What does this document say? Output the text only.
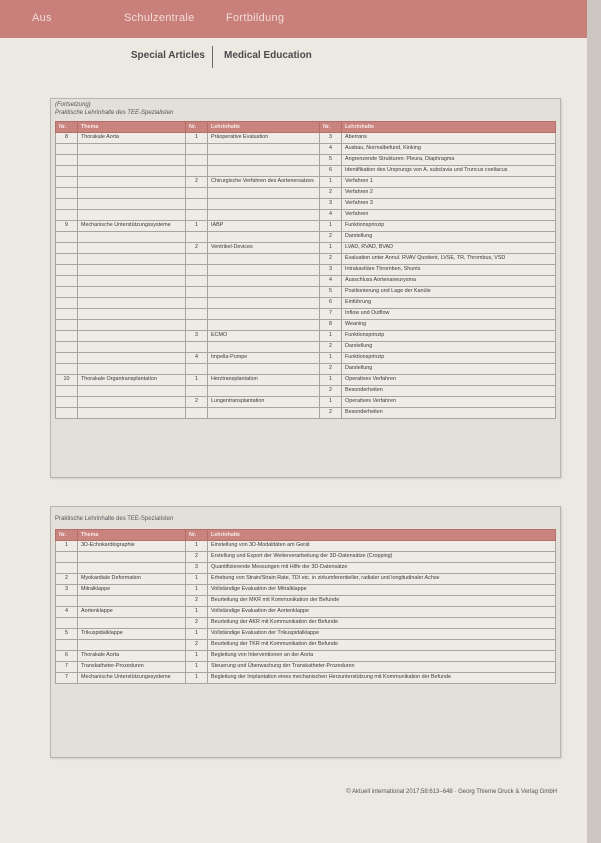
Aus	Schulzentrale	Fortbildung
Special Articles Medical Education
(Fortsetzung)
Praktische Lehrinhalte des TEE-Spezialisten
Nr.	Thema	Nr.	Lehrinhalte	Nr.	Lehrinhalte
8	Thorakale Aorta	1	Präoperative Evaluation	3	Aberrans
				4	Ausbau, Normalbefund, Kinking
				5	Angrenzende Strukturen: Pleura, Diaphragma
				6	Identifikation des Ursprungs von A. subclavia und Truncus coeliacus
		2	Chirurgische Verfahren des Aortenersatzes	1	Verfahren 1
				2	Verfahren 2
				3	Verfahren 3
				4	Verfahren
9	Mechanische Unterstützungssysteme	1	IABP	1	Funktionsprinzip
				2	Darstellung
		2	Ventrikel-Devices	1	LVAD, RVAD, BVAD
				2	Evaluation unter Annul. RVAV Quotient, LVSE, TR, Thrombus, VSD
				3	Intrakavitäre Thromben, Shunts
				4	Ausschluss Aortenaneurysma
				5	Positionierung und Lage der Kanüle
				6	Einführung
				7	Inflow und Outflow
				8	Weaning
		3	ECMO	1	Funktionsprinzip
				2	Darstellung
		4	Impella-Pumpe	1	Funktionsprinzip
				2	Darstellung
10	Thorakale Organtransplantation	1	Herztransplantation	1	Operatives Verfahren
				2	Besonderheiten
		2	Lungentransplantation	1	Operatives Verfahren
				2	Besonderheiten
Praktische Lehrinhalte des TEE-Spezialisten
Nr.	Thema	Nr.	Lehrinhalte
1	3D-Echokardiographie	1	Einstellung von 3D-Modalitäten am Gerät
		2	Erstellung und Export der Weiterverarbeitung der 3D-Datensätze (Cropping)
		3	Quantifizierende Messungen mit Hilfe der 3D-Datensätze
2	Myokardiale Deformation	1	Erhebung von Strain/Strain Rate, TDI etc. in zirkumferentieller, radialer und longitudinaler Achse
3	Mitralklappe	1	Vollständige Evaluation der Mitralklappe
		2	Beurteilung der MKR mit Kommunikation der Befunde
4	Aortenklappe	1	Vollständige Evaluation der Aortenklappe
		2	Beurteilung der AKR mit Kommunikation der Befunde
5	Trikuspidalklappe	1	Vollständige Evaluation der Trikuspidalklappe
		2	Beurteilung der TKR mit Kommunikation der Befunde
6	Thorakale Aorta	1	Begleitung von Interventionen an der Aorta
7	Transkatheter-Prozeduren	1	Steuerung und Überwachung der Transkatheter-Prozeduren
7	Mechanische Unterstützungssysteme	1	Begleitung der Implantation eines mechanischen Herzunterstützung mit Kommunikation der Befunde
© Aktuell international 2017;58:613–648 · Georg Thieme Druck & Verlag GmbH
